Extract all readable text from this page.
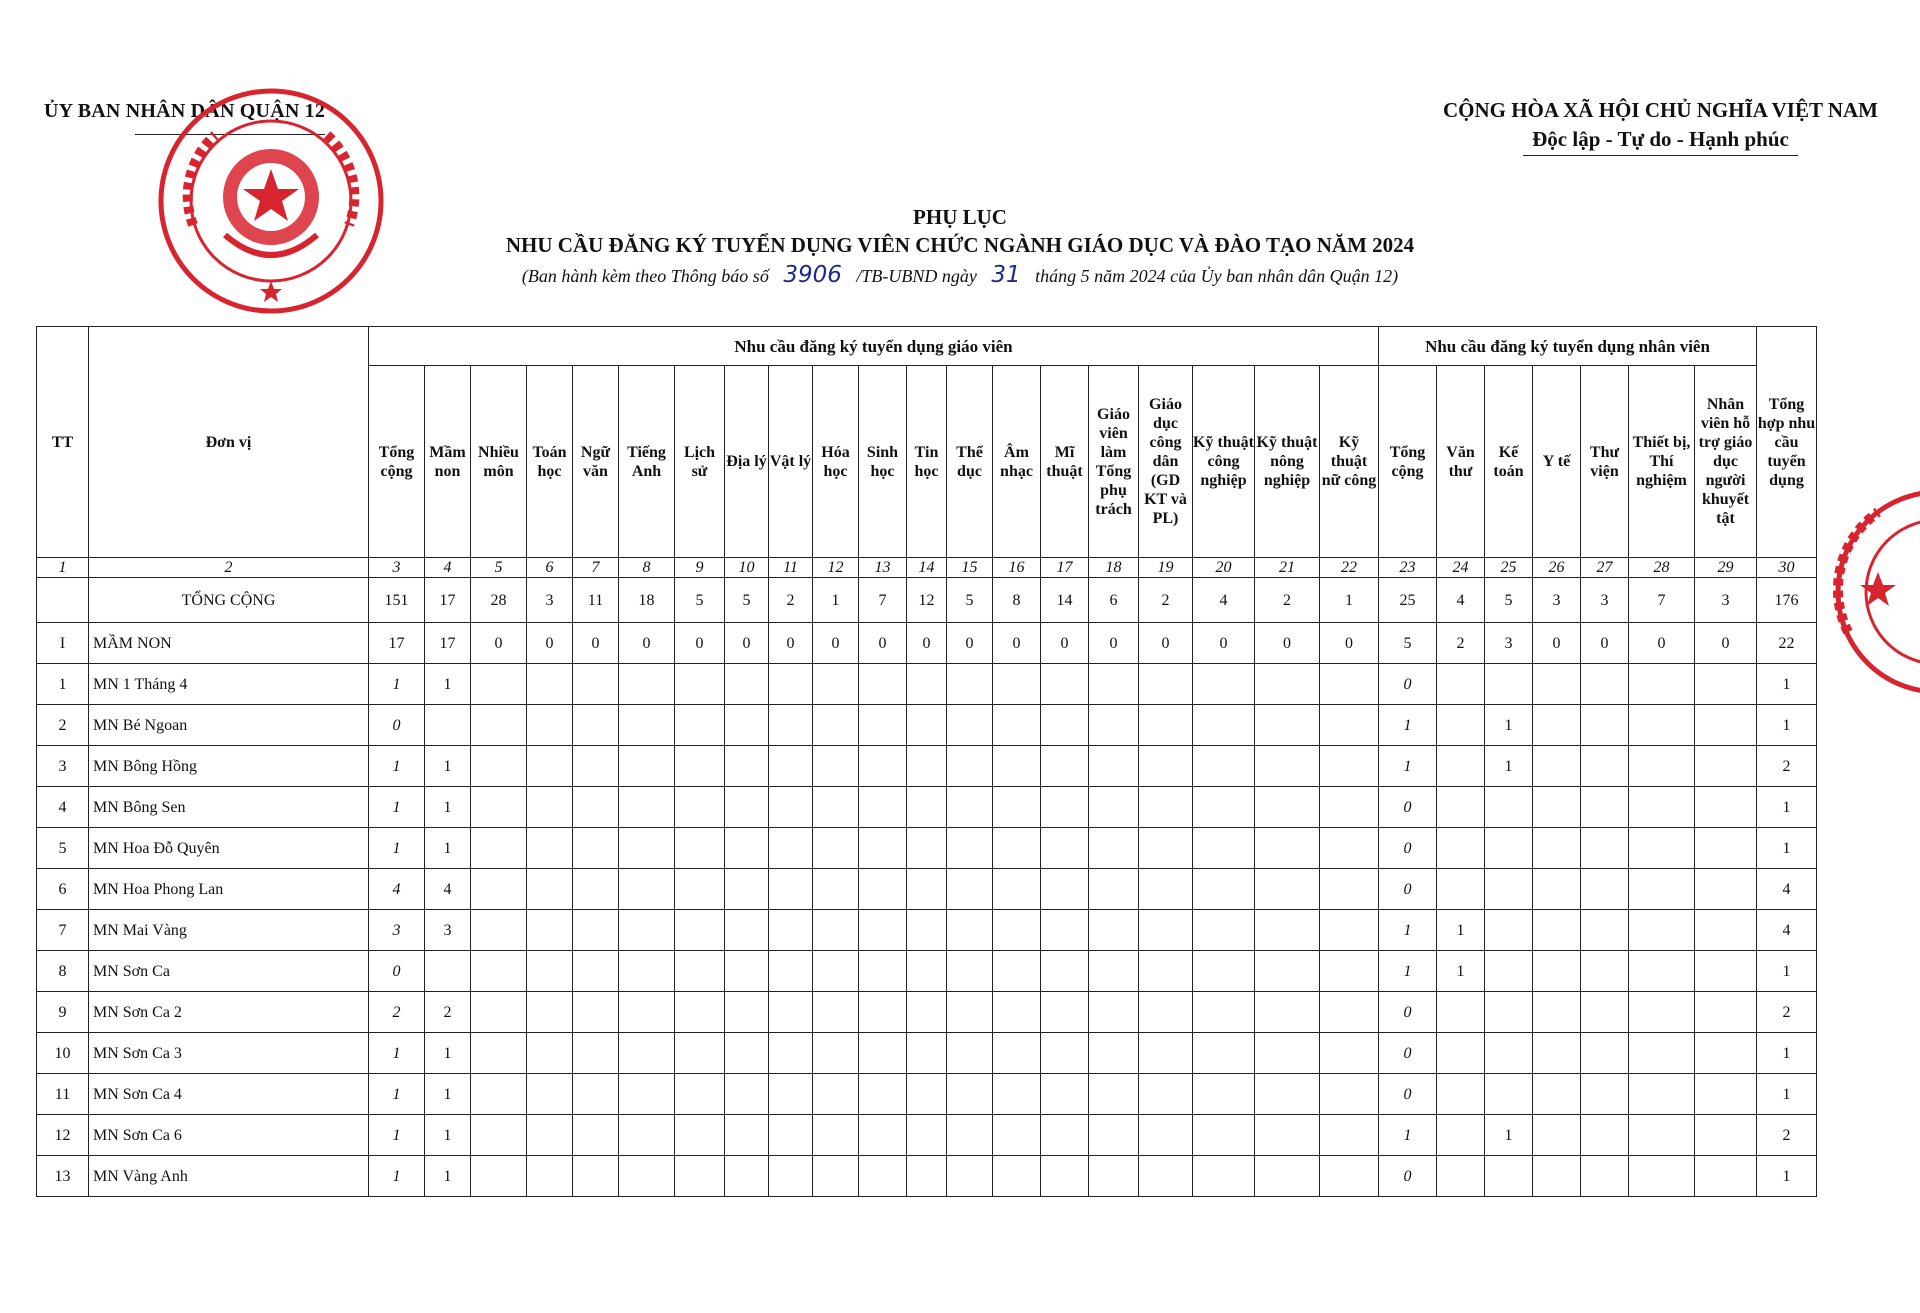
ỦY BAN NHÂN DÂN QUẬN 12	CỘNG HÒA XÃ HỘI CHỦ NGHĨA VIỆT NAM
Độc lập - Tự do - Hạnh phúc
PHỤ LỤC
NHU CẦU ĐĂNG KÝ TUYỂN DỤNG VIÊN CHỨC NGÀNH GIÁO DỤC VÀ ĐÀO TẠO NĂM 2024
(Ban hành kèm theo Thông báo số 3906 /TB-UBND ngày 31 tháng 5 năm 2024 của Ủy ban nhân dân Quận 12)
TT	Đơn vị	Nhu cầu đăng ký tuyển dụng giáo viên																				Nhu cầu đăng ký tuyển dụng nhân viên							Tổng hợp nhu cầu tuyển dụng
		Tổng cộng	Mầm non	Nhiều môn	Toán học	Ngữ văn	Tiếng Anh	Lịch sử	Địa lý	Vật lý	Hóa học	Sinh học	Tin học	Thể dục	Âm nhạc	Mĩ thuật	Giáo viên làm Tổng phụ trách	Giáo dục công dân (GD KT và PL)	Kỹ thuật công nghiệp	Kỹ thuật nông nghiệp	Kỹ thuật nữ công	Tổng cộng	Văn thư	Kế toán	Y tế	Thư viện	Thiết bị, Thí nghiệm	Nhân viên hỗ trợ giáo dục người khuyết tật	
1	2	3	4	5	6	7	8	9	10	11	12	13	14	15	16	17	18	19	20	21	22	23	24	25	26	27	28	29	30
	TỔNG CỘNG	151	17	28	3	11	18	5	5	2	1	7	12	5	8	14	6	2	4	2	1	25	4	5	3	3	7	3	176
I	MẦM NON	17	17	0	0	0	0	0	0	0	0	0	0	0	0	0	0	0	0	0	0	5	2	3	0	0	0	0	22
1	MN 1 Tháng 4	1	1																			0							1
2	MN Bé Ngoan	0																				1		1					1
3	MN Bông Hồng	1	1																			1		1					2
4	MN Bông Sen	1	1																			0							1
5	MN Hoa Đỗ Quyên	1	1																			0							1
6	MN Hoa Phong Lan	4	4																			0							4
7	MN Mai Vàng	3	3																			1	1						4
8	MN Sơn Ca	0																				1	1						1
9	MN Sơn Ca 2	2	2																			0							2
10	MN Sơn Ca 3	1	1																			0							1
11	MN Sơn Ca 4	1	1																			0							1
12	MN Sơn Ca 6	1	1																			1		1					2
13	MN Vàng Anh	1	1																			0							1
